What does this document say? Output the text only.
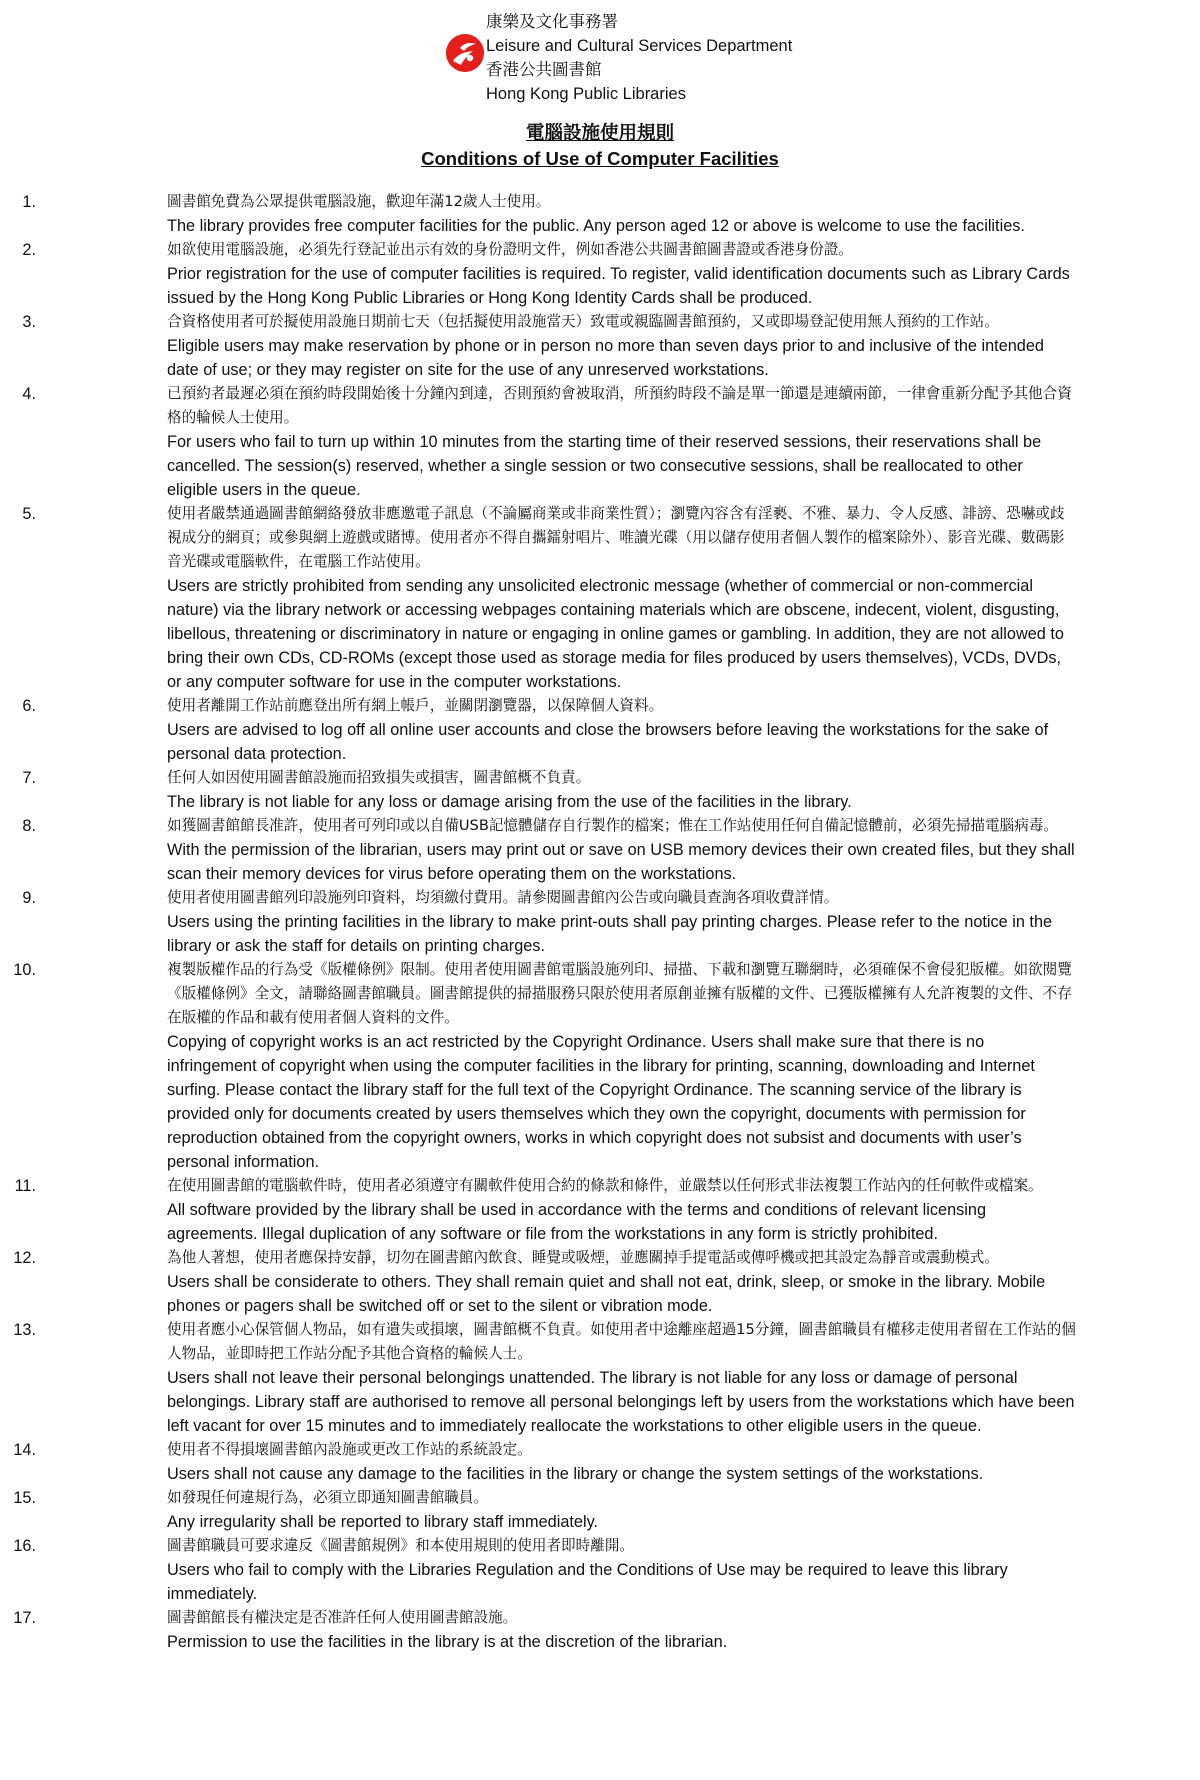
康樂及文化事務署
Leisure and Cultural Services Department
香港公共圖書館
Hong Kong Public Libraries
電腦設施使用規則
Conditions of Use of Computer Facilities
1.	圖書館免費為公眾提供電腦設施，歡迎年滿12歲人士使用。
The library provides free computer facilities for the public. Any person aged 12 or above is welcome to use the facilities.
2.	如欲使用電腦設施，必須先行登記並出示有效的身份證明文件，例如香港公共圖書館圖書證或香港身份證。
Prior registration for the use of computer facilities is required. To register, valid identification documents such as Library Cards issued by the Hong Kong Public Libraries or Hong Kong Identity Cards shall be produced.
3.	合資格使用者可於擬使用設施日期前七天（包括擬使用設施當天）致電或親臨圖書館預約，又或即場登記使用無人預約的工作站。
Eligible users may make reservation by phone or in person no more than seven days prior to and inclusive of the intended date of use; or they may register on site for the use of any unreserved workstations.
4.	已預約者最遲必須在預約時段開始後十分鐘內到達，否則預約會被取消，所預約時段不論是單一節還是連續兩節，一律會重新分配予其他合資格的輪候人士使用。
For users who fail to turn up within 10 minutes from the starting time of their reserved sessions, their reservations shall be cancelled. The session(s) reserved, whether a single session or two consecutive sessions, shall be reallocated to other eligible users in the queue.
5.	使用者嚴禁通過圖書館網絡發放非應邀電子訊息（不論屬商業或非商業性質）；瀏覽內容含有淫褻、不雅、暴力、令人反感、誹謗、恐嚇或歧視成分的網頁；或參與網上遊戲或賭博。使用者亦不得自攜鐳射唱片、唯讀光碟（用以儲存使用者個人製作的檔案除外）、影音光碟、數碼影音光碟或電腦軟件，在電腦工作站使用。
Users are strictly prohibited from sending any unsolicited electronic message (whether of commercial or non-commercial nature) via the library network or accessing webpages containing materials which are obscene, indecent, violent, disgusting, libellous, threatening or discriminatory in nature or engaging in online games or gambling. In addition, they are not allowed to bring their own CDs, CD-ROMs (except those used as storage media for files produced by users themselves), VCDs, DVDs, or any computer software for use in the computer workstations.
6.	使用者離開工作站前應登出所有網上帳戶，並關閉瀏覽器，以保障個人資料。
Users are advised to log off all online user accounts and close the browsers before leaving the workstations for the sake of personal data protection.
7.	任何人如因使用圖書館設施而招致損失或損害，圖書館概不負責。
The library is not liable for any loss or damage arising from the use of the facilities in the library.
8.	如獲圖書館館長准許，使用者可列印或以自備USB記憶體儲存自行製作的檔案；惟在工作站使用任何自備記憶體前，必須先掃描電腦病毒。
With the permission of the librarian, users may print out or save on USB memory devices their own created files, but they shall scan their memory devices for virus before operating them on the workstations.
9.	使用者使用圖書館列印設施列印資料，均須繳付費用。請參閱圖書館內公告或向職員查詢各項收費詳情。
Users using the printing facilities in the library to make print-outs shall pay printing charges. Please refer to the notice in the library or ask the staff for details on printing charges.
10.	複製版權作品的行為受《版權條例》限制。使用者使用圖書館電腦設施列印、掃描、下載和瀏覽互聯網時，必須確保不會侵犯版權。如欲閱覽《版權條例》全文，請聯絡圖書館職員。圖書館提供的掃描服務只限於使用者原創並擁有版權的文件、已獲版權擁有人允許複製的文件、不存在版權的作品和載有使用者個人資料的文件。
Copying of copyright works is an act restricted by the Copyright Ordinance. Users shall make sure that there is no infringement of copyright when using the computer facilities in the library for printing, scanning, downloading and Internet surfing. Please contact the library staff for the full text of the Copyright Ordinance. The scanning service of the library is provided only for documents created by users themselves which they own the copyright, documents with permission for reproduction obtained from the copyright owners, works in which copyright does not subsist and documents with user’s personal information.
11.	在使用圖書館的電腦軟件時，使用者必須遵守有關軟件使用合約的條款和條件，並嚴禁以任何形式非法複製工作站內的任何軟件或檔案。
All software provided by the library shall be used in accordance with the terms and conditions of relevant licensing agreements. Illegal duplication of any software or file from the workstations in any form is strictly prohibited.
12.	為他人著想，使用者應保持安靜，切勿在圖書館內飲食、睡覺或吸煙，並應關掉手提電話或傳呼機或把其設定為靜音或震動模式。
Users shall be considerate to others. They shall remain quiet and shall not eat, drink, sleep, or smoke in the library. Mobile phones or pagers shall be switched off or set to the silent or vibration mode.
13.	使用者應小心保管個人物品，如有遺失或損壞，圖書館概不負責。如使用者中途離座超過15分鐘，圖書館職員有權移走使用者留在工作站的個人物品，並即時把工作站分配予其他合資格的輪候人士。
Users shall not leave their personal belongings unattended. The library is not liable for any loss or damage of personal belongings. Library staff are authorised to remove all personal belongings left by users from the workstations which have been left vacant for over 15 minutes and to immediately reallocate the workstations to other eligible users in the queue.
14.	使用者不得損壞圖書館內設施或更改工作站的系統設定。
Users shall not cause any damage to the facilities in the library or change the system settings of the workstations.
15.	如發現任何違規行為，必須立即通知圖書館職員。
Any irregularity shall be reported to library staff immediately.
16.	圖書館職員可要求違反《圖書館規例》和本使用規則的使用者即時離開。
Users who fail to comply with the Libraries Regulation and the Conditions of Use may be required to leave this library immediately.
17.	圖書館館長有權決定是否准許任何人使用圖書館設施。
Permission to use the facilities in the library is at the discretion of the librarian.
